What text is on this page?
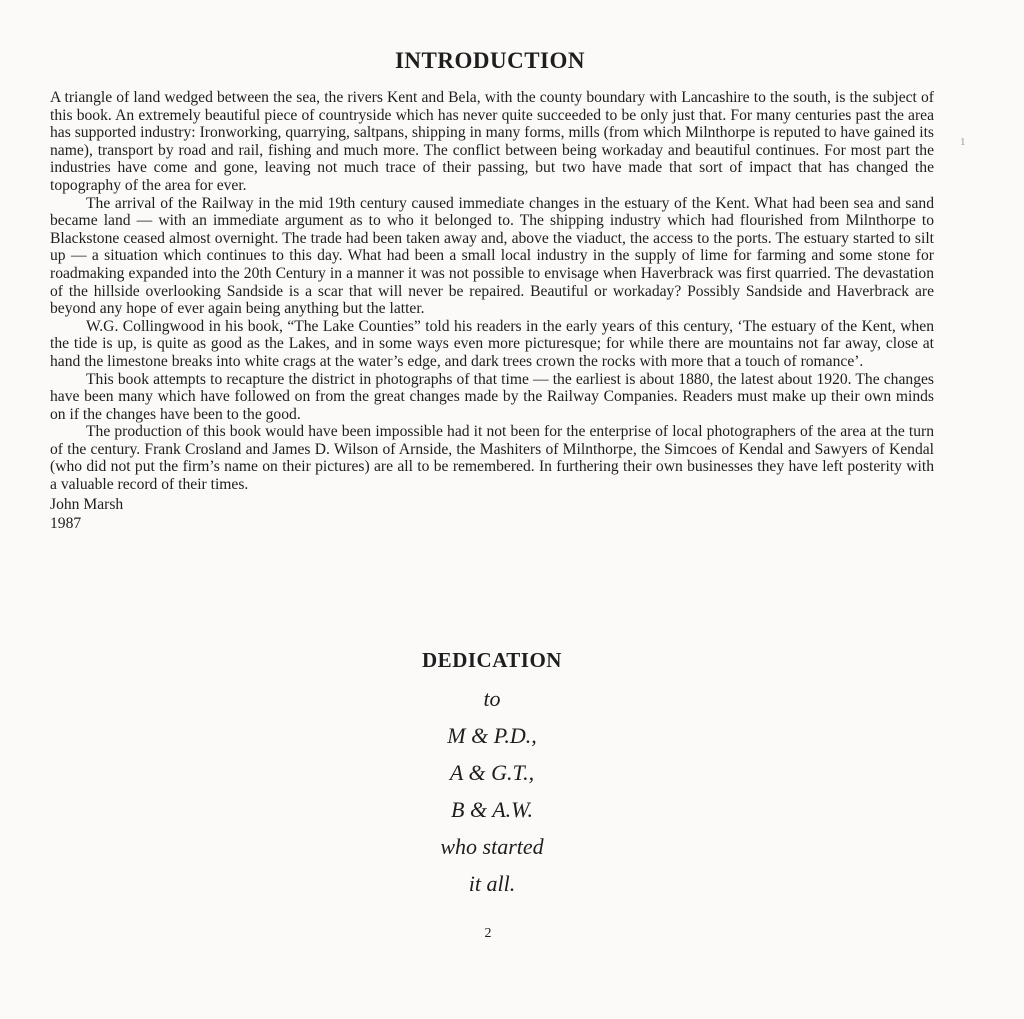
INTRODUCTION

A triangle of land wedged between the sea, the rivers Kent and Bela, with the county boundary with Lancashire to the south, is the subject of this book. An extremely beautiful piece of countryside which has never quite succeeded to be only just that. For many centuries past the area has supported industry: Ironworking, quarrying, saltpans, shipping in many forms, mills (from which Milnthorpe is reputed to have gained its name), transport by road and rail, fishing and much more. The conflict between being workaday and beautiful continues. For most part the industries have come and gone, leaving not much trace of their passing, but two have made that sort of impact that has changed the topography of the area for ever.

The arrival of the Railway in the mid 19th century caused immediate changes in the estuary of the Kent. What had been sea and sand became land — with an immediate argument as to who it belonged to. The shipping industry which had flourished from Milnthorpe to Blackstone ceased almost overnight. The trade had been taken away and, above the viaduct, the access to the ports. The estuary started to silt up — a situation which continues to this day. What had been a small local industry in the supply of lime for farming and some stone for roadmaking expanded into the 20th Century in a manner it was not possible to envisage when Haverbrack was first quarried. The devastation of the hillside overlooking Sandside is a scar that will never be repaired. Beautiful or workaday? Possibly Sandside and Haverbrack are beyond any hope of ever again being anything but the latter.

W.G. Collingwood in his book, “The Lake Counties” told his readers in the early years of this century, ‘The estuary of the Kent, when the tide is up, is quite as good as the Lakes, and in some ways even more picturesque; for while there are mountains not far away, close at hand the limestone breaks into white crags at the water’s edge, and dark trees crown the rocks with more that a touch of romance’.

This book attempts to recapture the district in photographs of that time — the earliest is about 1880, the latest about 1920. The changes have been many which have followed on from the great changes made by the Railway Companies. Readers must make up their own minds on if the changes have been to the good.

The production of this book would have been impossible had it not been for the enterprise of local photographers of the area at the turn of the century. Frank Crosland and James D. Wilson of Arnside, the Mashiters of Milnthorpe, the Simcoes of Kendal and Sawyers of Kendal (who did not put the firm’s name on their pictures) are all to be remembered. In furthering their own businesses they have left posterity with a valuable record of their times.

John Marsh
1987
1
DEDICATION
to
M & P.D.,
A & G.T.,
B & A.W.
who started
it all.
2
